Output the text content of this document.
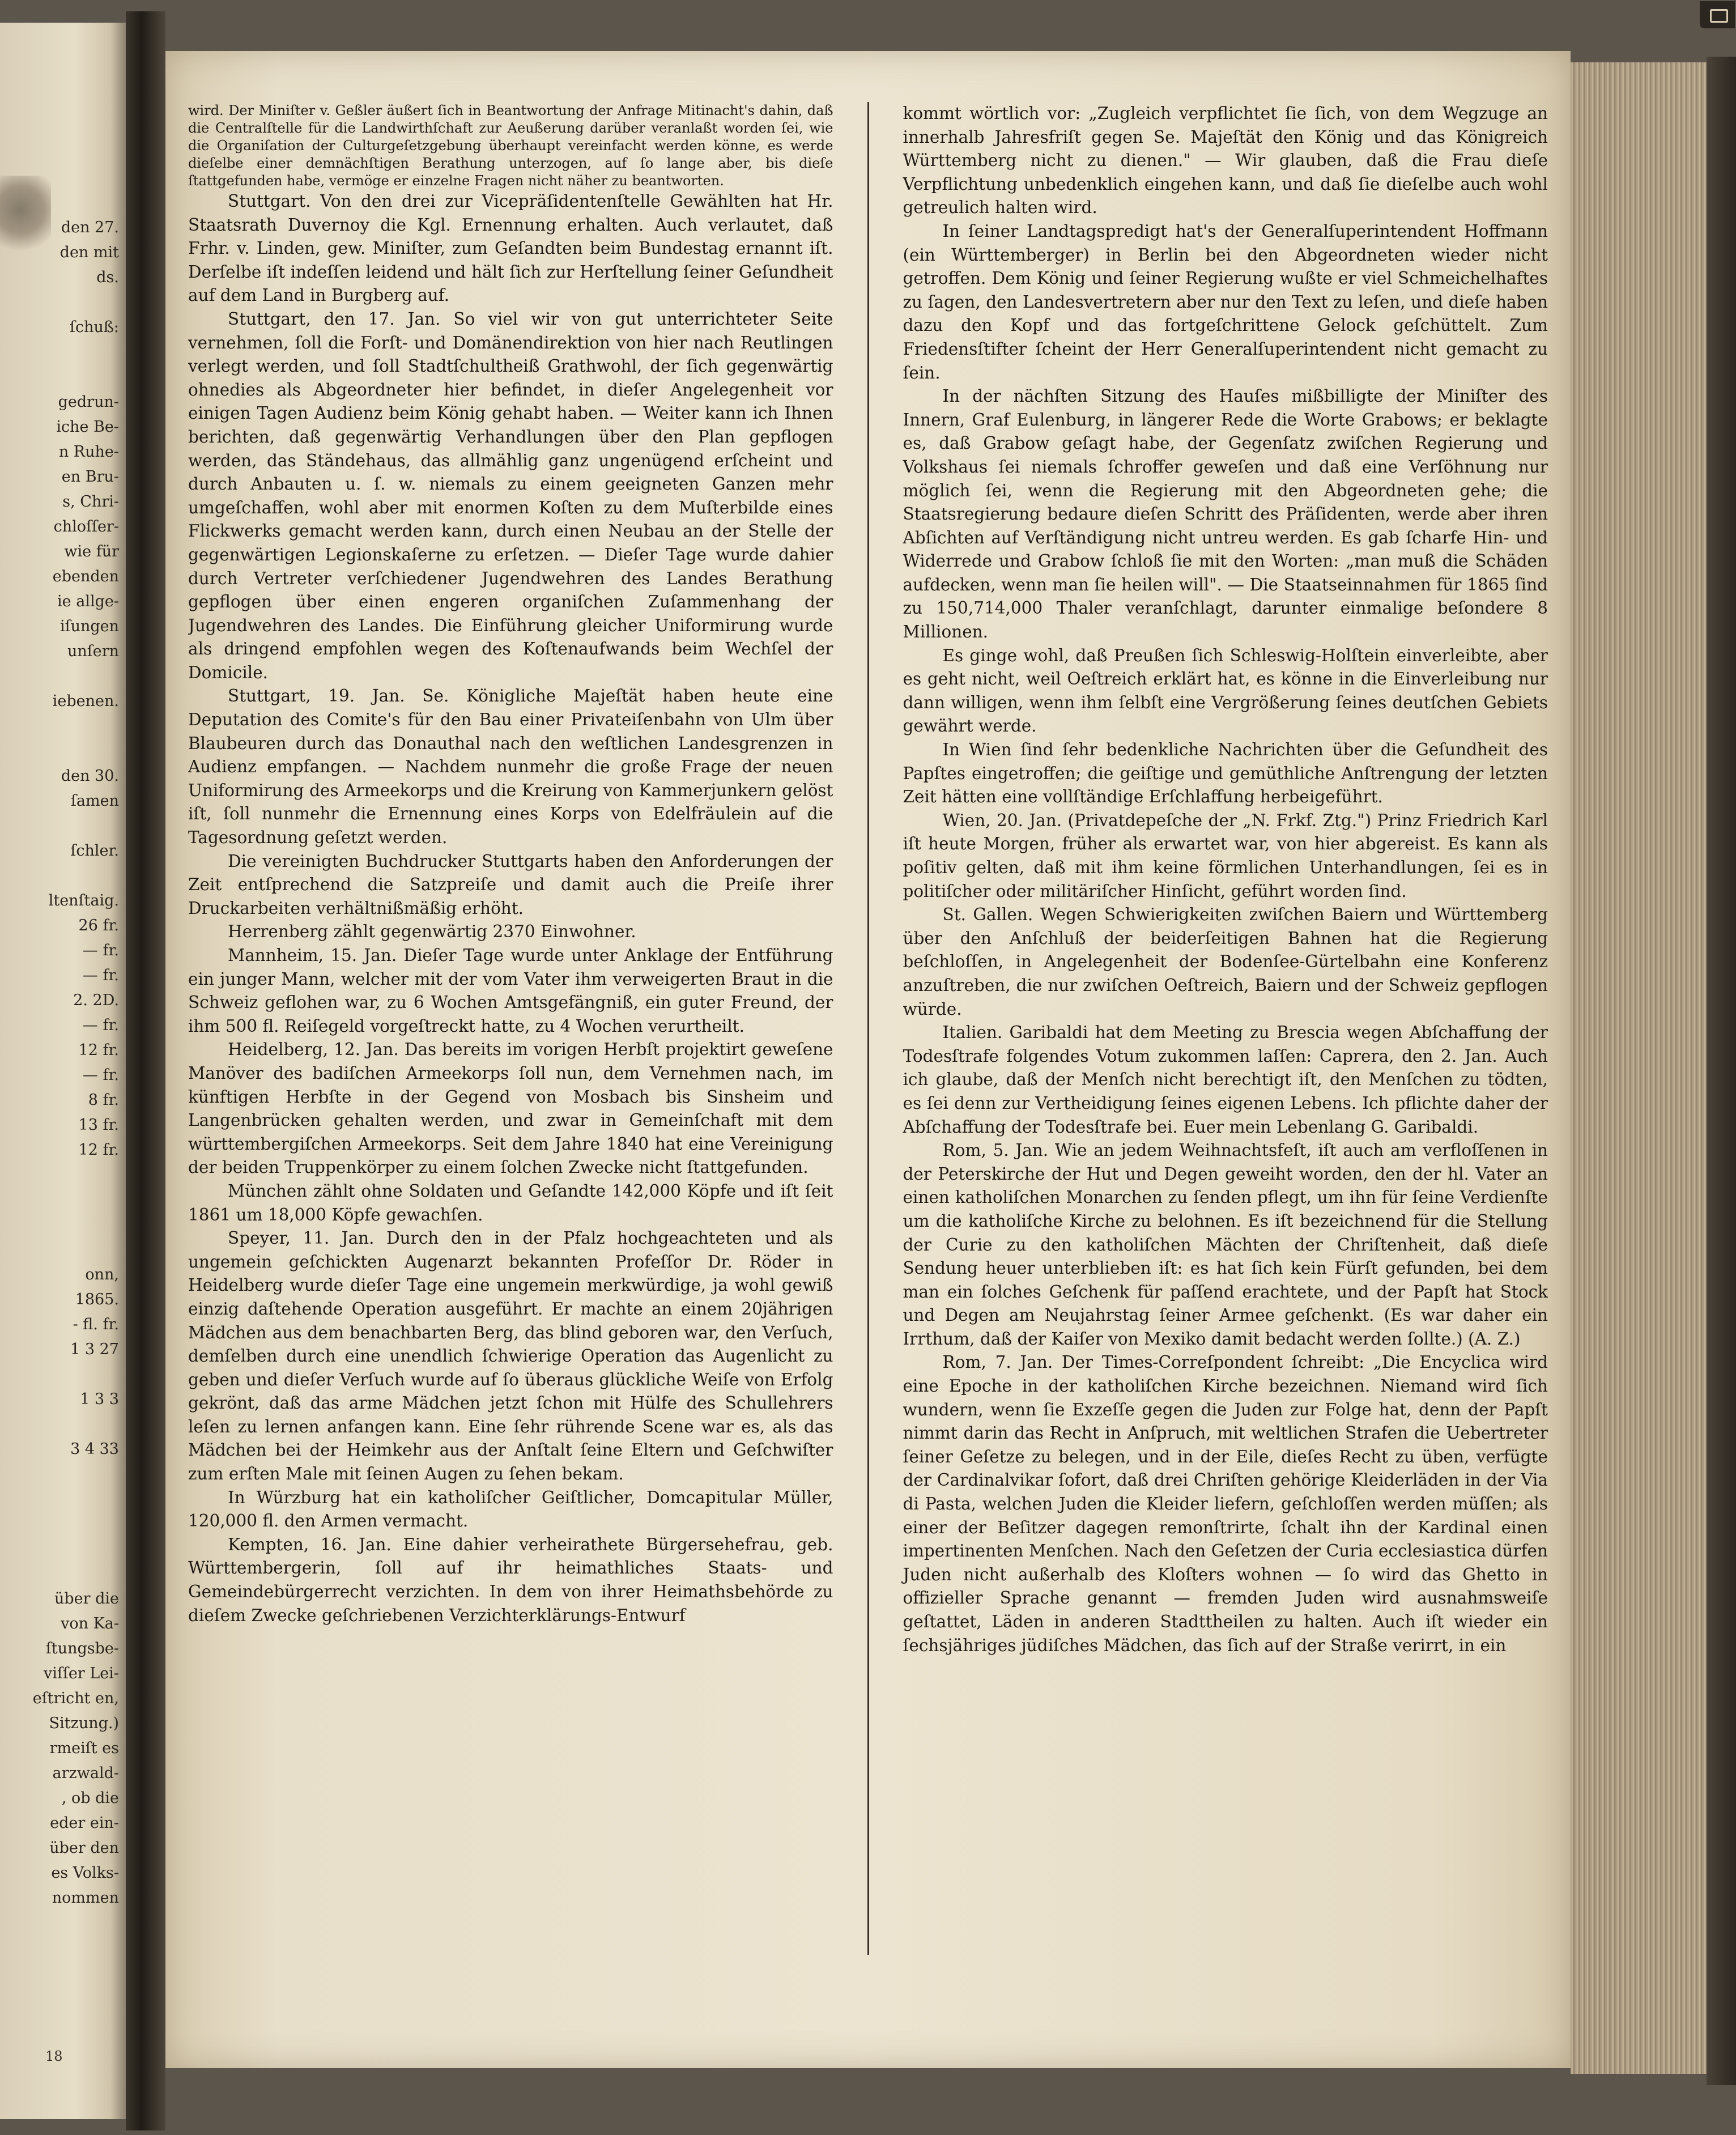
den 27.
den mit
ds.
ſchuß:
gedrun-
iche Be-
n Ruhe-
en Bru-
s, Chri-
chloſſer-
wie für
ebenden
ie allge-
iſungen
unſern
iebenen.
den 30.
ſamen
ſchler.
ltenſtaig.
26 fr.
— fr.
— fr.
2. 2D.
— fr.
12 fr.
— fr.
8 fr.
13 fr.
12 fr.
onn,
1865.
- fl. fr.
1 3 27
1 3 3
3 4 33
über die
von Ka-
ſtungsbe-
viſſer Lei-
eſtricht en,
Sitzung.)
rmeiſt es
arzwald-
, ob die
eder ein-
über den
es Volks-
nommen
18

wird. Der Miniſter v. Geßler äußert ſich in Beantwortung der Anfrage Mitinacht's dahin, daß die Centralſtelle für die Landwirthſchaft zur Aeußerung darüber veranlaßt worden ſei, wie die Organiſation der Culturgeſetzgebung überhaupt vereinfacht werden könne, es werde dieſelbe einer demnächſtigen Berathung unterzogen, auf ſo lange aber, bis dieſe ſtattgefunden habe, vermöge er einzelne Fragen nicht näher zu beantworten.

Stuttgart. Von den drei zur Vicepräſidentenſtelle Gewählten hat Hr. Staatsrath Duvernoy die Kgl. Ernennung erhalten. Auch verlautet, daß Frhr. v. Linden, gew. Miniſter, zum Geſandten beim Bundestag ernannt iſt. Derſelbe iſt indeſſen leidend und hält ſich zur Herſtellung ſeiner Geſundheit auf dem Land in Burgberg auf.

Stuttgart, den 17. Jan. So viel wir von gut unterrichteter Seite vernehmen, ſoll die Forſt- und Domänendirektion von hier nach Reutlingen verlegt werden, und ſoll Stadtſchultheiß Grathwohl, der ſich gegenwärtig ohnedies als Abgeordneter hier befindet, in dieſer Angelegenheit vor einigen Tagen Audienz beim König gehabt haben. — Weiter kann ich Ihnen berichten, daß gegenwärtig Verhandlungen über den Plan gepflogen werden, das Ständehaus, das allmählig ganz ungenügend erſcheint und durch Anbauten u. ſ. w. niemals zu einem geeigneten Ganzen mehr umgeſchaffen, wohl aber mit enormen Koſten zu dem Muſterbilde eines Flickwerks gemacht werden kann, durch einen Neubau an der Stelle der gegenwärtigen Legionskaſerne zu erſetzen. — Dieſer Tage wurde dahier durch Vertreter verſchiedener Jugendwehren des Landes Berathung gepflogen über einen engeren organiſchen Zuſammenhang der Jugendwehren des Landes. Die Einführung gleicher Uniformirung wurde als dringend empfohlen wegen des Koſtenaufwands beim Wechſel der Domicile.

Stuttgart, 19. Jan. Se. Königliche Majeſtät haben heute eine Deputation des Comite's für den Bau einer Privateiſenbahn von Ulm über Blaubeuren durch das Donauthal nach den weſtlichen Landesgrenzen in Audienz empfangen. — Nachdem nunmehr die große Frage der neuen Uniformirung des Armeekorps und die Kreirung von Kammerjunkern gelöst iſt, ſoll nunmehr die Ernennung eines Korps von Edelfräulein auf die Tagesordnung geſetzt werden.

Die vereinigten Buchdrucker Stuttgarts haben den Anforderungen der Zeit entſprechend die Satzpreiſe und damit auch die Preiſe ihrer Druckarbeiten verhältnißmäßig erhöht.

Herrenberg zählt gegenwärtig 2370 Einwohner.

Mannheim, 15. Jan. Dieſer Tage wurde unter Anklage der Entführung ein junger Mann, welcher mit der vom Vater ihm verweigerten Braut in die Schweiz geflohen war, zu 6 Wochen Amtsgefängniß, ein guter Freund, der ihm 500 fl. Reiſegeld vorgeſtreckt hatte, zu 4 Wochen verurtheilt.

Heidelberg, 12. Jan. Das bereits im vorigen Herbſt projektirt geweſene Manöver des badiſchen Armeekorps ſoll nun, dem Vernehmen nach, im künftigen Herbſte in der Gegend von Mosbach bis Sinsheim und Langenbrücken gehalten werden, und zwar in Gemeinſchaft mit dem württembergiſchen Armeekorps. Seit dem Jahre 1840 hat eine Vereinigung der beiden Truppenkörper zu einem ſolchen Zwecke nicht ſtattgefunden.

München zählt ohne Soldaten und Geſandte 142,000 Köpfe und iſt ſeit 1861 um 18,000 Köpfe gewachſen.

Speyer, 11. Jan. Durch den in der Pfalz hochgeachteten und als ungemein geſchickten Augenarzt bekannten Profeſſor Dr. Röder in Heidelberg wurde dieſer Tage eine ungemein merkwürdige, ja wohl gewiß einzig daſtehende Operation ausgeführt. Er machte an einem 20jährigen Mädchen aus dem benachbarten Berg, das blind geboren war, den Verſuch, demſelben durch eine unendlich ſchwierige Operation das Augenlicht zu geben und dieſer Verſuch wurde auf ſo überaus glückliche Weiſe von Erfolg gekrönt, daß das arme Mädchen jetzt ſchon mit Hülfe des Schullehrers leſen zu lernen anfangen kann. Eine ſehr rührende Scene war es, als das Mädchen bei der Heimkehr aus der Anſtalt ſeine Eltern und Geſchwiſter zum erſten Male mit ſeinen Augen zu ſehen bekam.

In Würzburg hat ein katholiſcher Geiſtlicher, Domcapitular Müller, 120,000 fl. den Armen vermacht.

Kempten, 16. Jan. Eine dahier verheirathete Bürgersehefrau, geb. Württembergerin, ſoll auf ihr heimathliches Staats- und Gemeindebürgerrecht verzichten. In dem von ihrer Heimathsbehörde zu dieſem Zwecke geſchriebenen Verzichterklärungs-Entwurf

kommt wörtlich vor: „Zugleich verpflichtet ſie ſich, von dem Wegzuge an innerhalb Jahresfriſt gegen Se. Majeſtät den König und das Königreich Württemberg nicht zu dienen." — Wir glauben, daß die Frau dieſe Verpflichtung unbedenklich eingehen kann, und daß ſie dieſelbe auch wohl getreulich halten wird.

In ſeiner Landtagspredigt hat's der Generalſuperintendent Hoffmann (ein Württemberger) in Berlin bei den Abgeordneten wieder nicht getroffen. Dem König und ſeiner Regierung wußte er viel Schmeichelhaftes zu ſagen, den Landesvertretern aber nur den Text zu leſen, und dieſe haben dazu den Kopf und das fortgeſchrittene Gelock geſchüttelt. Zum Friedensſtifter ſcheint der Herr Generalſuperintendent nicht gemacht zu ſein.

In der nächſten Sitzung des Hauſes mißbilligte der Miniſter des Innern, Graf Eulenburg, in längerer Rede die Worte Grabows; er beklagte es, daß Grabow geſagt habe, der Gegenſatz zwiſchen Regierung und Volkshaus ſei niemals ſchroffer geweſen und daß eine Verſöhnung nur möglich ſei, wenn die Regierung mit den Abgeordneten gehe; die Staatsregierung bedaure dieſen Schritt des Präſidenten, werde aber ihren Abſichten auf Verſtändigung nicht untreu werden. Es gab ſcharfe Hin- und Widerrede und Grabow ſchloß ſie mit den Worten: „man muß die Schäden aufdecken, wenn man ſie heilen will". — Die Staatseinnahmen für 1865 ſind zu 150,714,000 Thaler veranſchlagt, darunter einmalige beſondere 8 Millionen.

Es ginge wohl, daß Preußen ſich Schleswig-Holſtein einverleibte, aber es geht nicht, weil Oeſtreich erklärt hat, es könne in die Einverleibung nur dann willigen, wenn ihm ſelbſt eine Vergrößerung ſeines deutſchen Gebiets gewährt werde.

In Wien ſind ſehr bedenkliche Nachrichten über die Geſundheit des Papſtes eingetroffen; die geiſtige und gemüthliche Anſtrengung der letzten Zeit hätten eine vollſtändige Erſchlaffung herbeigeführt.

Wien, 20. Jan. (Privatdepeſche der „N. Frkf. Ztg.") Prinz Friedrich Karl iſt heute Morgen, früher als erwartet war, von hier abgereist. Es kann als poſitiv gelten, daß mit ihm keine förmlichen Unterhandlungen, ſei es in politiſcher oder militäriſcher Hinſicht, geführt worden ſind.

St. Gallen. Wegen Schwierigkeiten zwiſchen Baiern und Württemberg über den Anſchluß der beiderſeitigen Bahnen hat die Regierung beſchloſſen, in Angelegenheit der Bodenſee-Gürtelbahn eine Konferenz anzuſtreben, die nur zwiſchen Oeſtreich, Baiern und der Schweiz gepflogen würde.

Italien. Garibaldi hat dem Meeting zu Brescia wegen Abſchaffung der Todesſtrafe folgendes Votum zukommen laſſen: Caprera, den 2. Jan. Auch ich glaube, daß der Menſch nicht berechtigt iſt, den Menſchen zu tödten, es ſei denn zur Vertheidigung ſeines eigenen Lebens. Ich pflichte daher der Abſchaffung der Todesſtrafe bei. Euer mein Lebenlang G. Garibaldi.

Rom, 5. Jan. Wie an jedem Weihnachtsfeſt, iſt auch am verfloſſenen in der Peterskirche der Hut und Degen geweiht worden, den der hl. Vater an einen katholiſchen Monarchen zu ſenden pflegt, um ihn für ſeine Verdienſte um die katholiſche Kirche zu belohnen. Es iſt bezeichnend für die Stellung der Curie zu den katholiſchen Mächten der Chriſtenheit, daß dieſe Sendung heuer unterblieben iſt: es hat ſich kein Fürſt gefunden, bei dem man ein ſolches Geſchenk für paſſend erachtete, und der Papſt hat Stock und Degen am Neujahrstag ſeiner Armee geſchenkt. (Es war daher ein Irrthum, daß der Kaiſer von Mexiko damit bedacht werden ſollte.) (A. Z.)

Rom, 7. Jan. Der Times-Correſpondent ſchreibt: „Die Encyclica wird eine Epoche in der katholiſchen Kirche bezeichnen. Niemand wird ſich wundern, wenn ſie Exzeſſe gegen die Juden zur Folge hat, denn der Papſt nimmt darin das Recht in Anſpruch, mit weltlichen Strafen die Uebertreter ſeiner Geſetze zu belegen, und in der Eile, dieſes Recht zu üben, verfügte der Cardinalvikar ſofort, daß drei Chriſten gehörige Kleiderläden in der Via di Pasta, welchen Juden die Kleider liefern, geſchloſſen werden müſſen; als einer der Beſitzer dagegen remonſtrirte, ſchalt ihn der Kardinal einen impertinenten Menſchen. Nach den Geſetzen der Curia ecclesiastica dürfen Juden nicht außerhalb des Kloſters wohnen — ſo wird das Ghetto in offizieller Sprache genannt — fremden Juden wird ausnahmsweiſe geſtattet, Läden in anderen Stadttheilen zu halten. Auch iſt wieder ein ſechsjähriges jüdiſches Mädchen, das ſich auf der Straße verirrt, in ein
